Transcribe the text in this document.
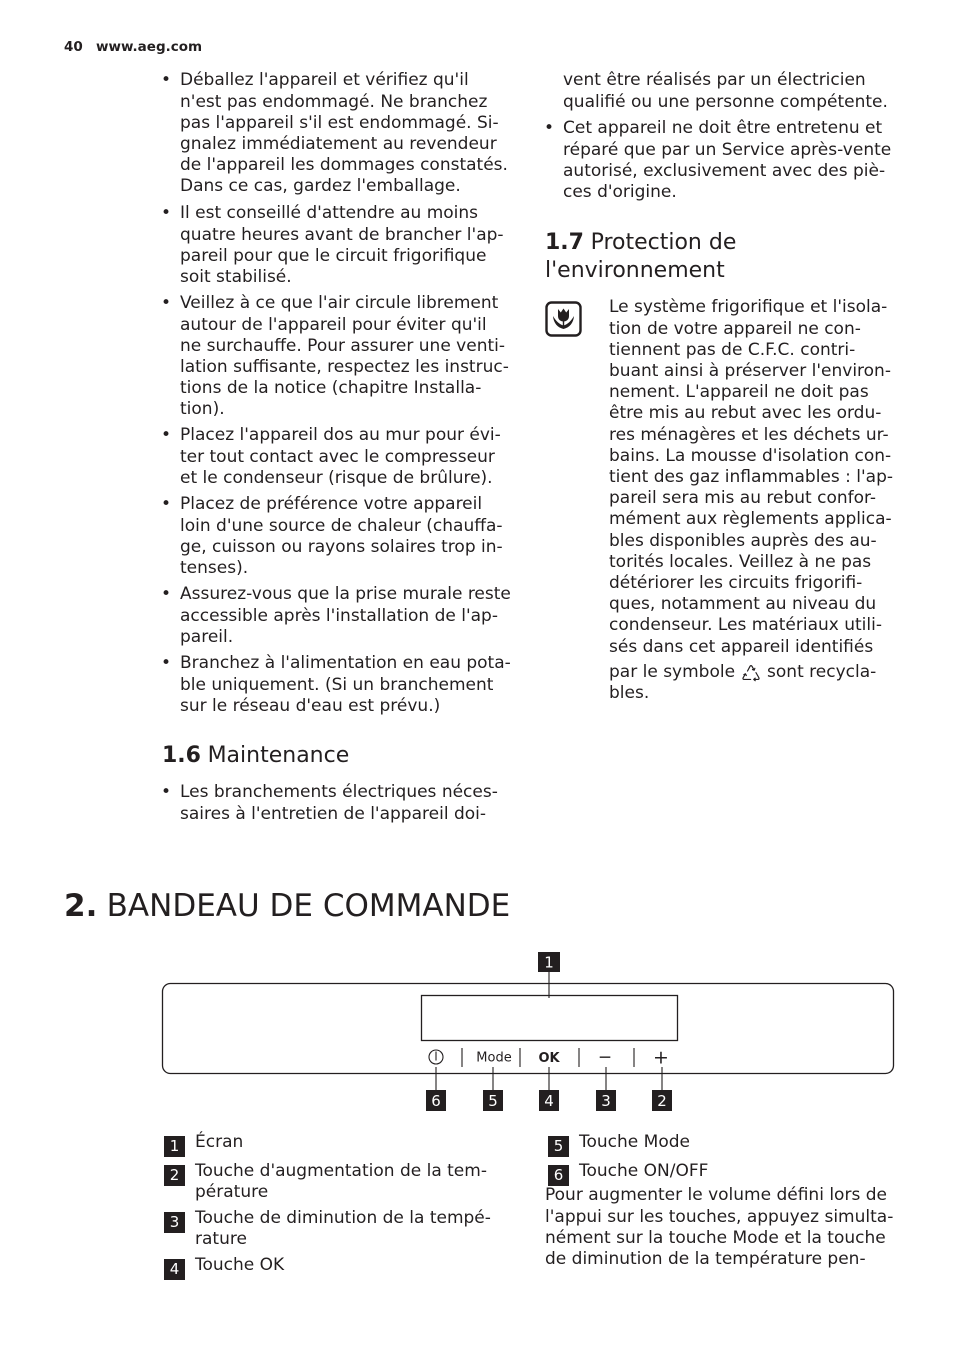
40 www.aeg.com
• Déballez l'appareil et vérifiez qu'il
n'est pas endommagé. Ne branchez
pas l'appareil s'il est endommagé. Si-
gnalez immédiatement au revendeur
de l'appareil les dommages constatés.
Dans ce cas, gardez l'emballage.
• Il est conseillé d'attendre au moins
quatre heures avant de brancher l'ap-
pareil pour que le circuit frigorifique
soit stabilisé.
• Veillez à ce que l'air circule librement
autour de l'appareil pour éviter qu'il
ne surchauffe. Pour assurer une venti-
lation suffisante, respectez les instruc-
tions de la notice (chapitre Installa-
tion).
• Placez l'appareil dos au mur pour évi-
ter tout contact avec le compresseur
et le condenseur (risque de brûlure).
• Placez de préférence votre appareil
loin d'une source de chaleur (chauffa-
ge, cuisson ou rayons solaires trop in-
tenses).
• Assurez-vous que la prise murale reste
accessible après l'installation de l'ap-
pareil.
• Branchez à l'alimentation en eau pota-
ble uniquement. (Si un branchement
sur le réseau d'eau est prévu.)
1.6 Maintenance
• Les branchements électriques néces-
saires à l'entretien de l'appareil doi-
vent être réalisés par un électricien
qualifié ou une personne compétente.
• Cet appareil ne doit être entretenu et
réparé que par un Service après-vente
autorisé, exclusivement avec des piè-
ces d'origine.
1.7 Protection de
l'environnement
Le système frigorifique et l'isola-
tion de votre appareil ne con-
tiennent pas de C.F.C. contri-
buant ainsi à préserver l'environ-
nement. L'appareil ne doit pas
être mis au rebut avec les ordu-
res ménagères et les déchets ur-
bains. La mousse d'isolation con-
tient des gaz inflammables : l'ap-
pareil sera mis au rebut confor-
mément aux règlements applica-
bles disponibles auprès des au-
torités locales. Veillez à ne pas
détériorer les circuits frigorifi-
ques, notamment au niveau du
condenseur. Les matériaux utili-
sés dans cet appareil identifiés
par le symbole sont recycla-
bles.
2. BANDEAU DE COMMANDE
1
Mode OK − +
6	5	4	3	2
1 Écran
2 Touche d'augmentation de la tem-
pérature
3 Touche de diminution de la tempé-
rature
4 Touche OK
5 Touche Mode
6 Touche ON/OFF
Pour augmenter le volume défini lors de
l'appui sur les touches, appuyez simulta-
nément sur la touche Mode et la touche
de diminution de la température pen-
